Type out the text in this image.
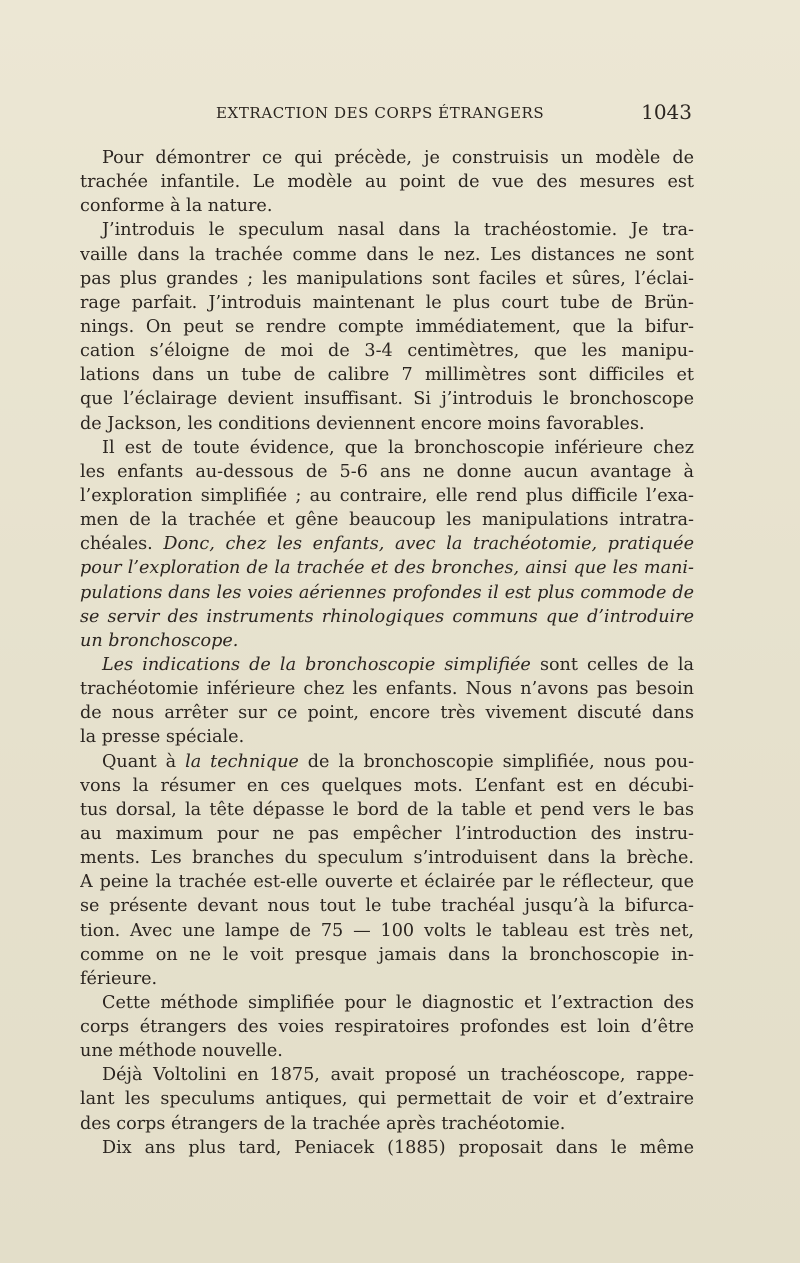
EXTRACTION DES CORPS ÉTRANGERS	1043
Pour démontrer ce qui précède, je construisis un modèle de
trachée infantile. Le modèle au point de vue des mesures est
conforme à la nature.
J’introduis le speculum nasal dans la trachéostomie. Je tra-
vaille dans la trachée comme dans le nez. Les distances ne sont
pas plus grandes ; les manipulations sont faciles et sûres, l’éclai-
rage parfait. J’introduis maintenant le plus court tube de Brün-
nings. On peut se rendre compte immédiatement, que la bifur-
cation s’éloigne de moi de 3-4 centimètres, que les manipu-
lations dans un tube de calibre 7 millimètres sont difficiles et
que l’éclairage devient insuffisant. Si j’introduis le bronchoscope
de Jackson, les conditions deviennent encore moins favorables.
Il est de toute évidence, que la bronchoscopie inférieure chez
les enfants au-dessous de 5-6 ans ne donne aucun avantage à
l’exploration simplifiée ; au contraire, elle rend plus difficile l’exa-
men de la trachée et gêne beaucoup les manipulations intratra-
chéales. Donc, chez les enfants, avec la trachéotomie, pratiquée
pour l’exploration de la trachée et des bronches, ainsi que les mani-
pulations dans les voies aériennes profondes il est plus commode de
se servir des instruments rhinologiques communs que d’introduire
un bronchoscope.
Les indications de la bronchoscopie simplifiée sont celles de la
trachéotomie inférieure chez les enfants. Nous n’avons pas besoin
de nous arrêter sur ce point, encore très vivement discuté dans
la presse spéciale.
Quant à la technique de la bronchoscopie simplifiée, nous pou-
vons la résumer en ces quelques mots. L’enfant est en décubi-
tus dorsal, la tête dépasse le bord de la table et pend vers le bas
au maximum pour ne pas empêcher l’introduction des instru-
ments. Les branches du speculum s’introduisent dans la brèche.
A peine la trachée est-elle ouverte et éclairée par le réflecteur, que
se présente devant nous tout le tube trachéal jusqu’à la bifurca-
tion. Avec une lampe de 75 — 100 volts le tableau est très net,
comme on ne le voit presque jamais dans la bronchoscopie in-
férieure.
Cette méthode simplifiée pour le diagnostic et l’extraction des
corps étrangers des voies respiratoires profondes est loin d’être
une méthode nouvelle.
Déjà Voltolini en 1875, avait proposé un trachéoscope, rappe-
lant les speculums antiques, qui permettait de voir et d’extraire
des corps étrangers de la trachée après trachéotomie.
Dix ans plus tard, Peniacek (1885) proposait dans le même
